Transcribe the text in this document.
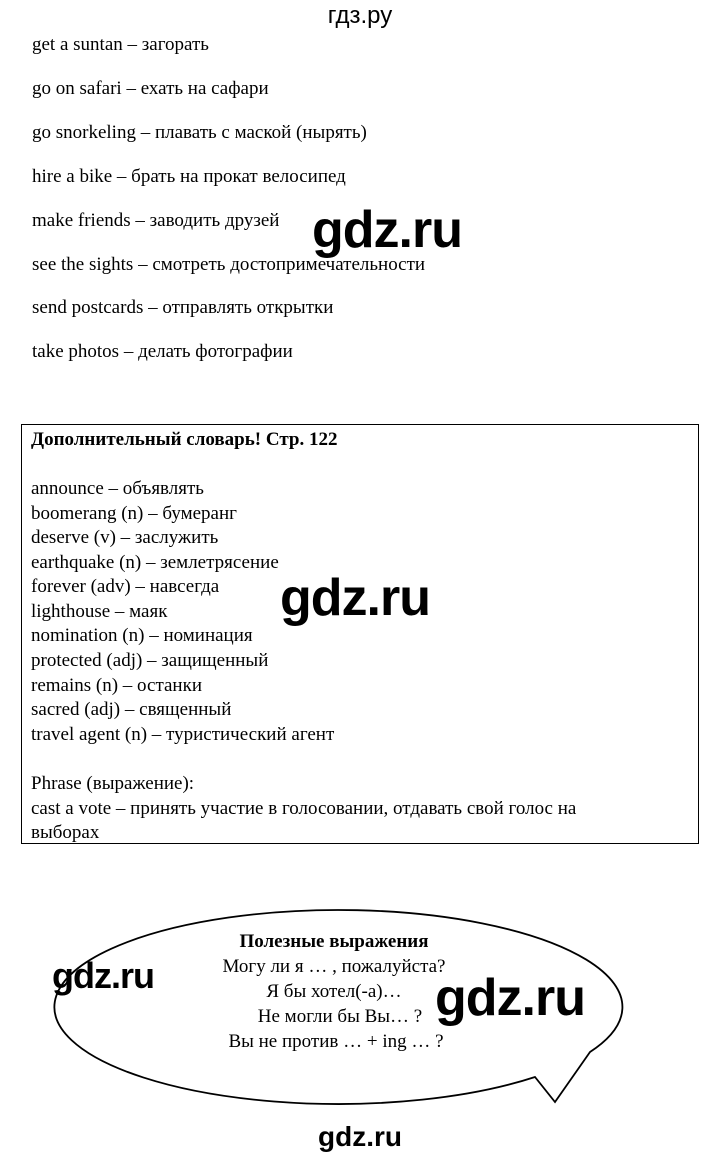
гдз.ру
get a suntan – загорать
go on safari – ехать на сафари
go snorkeling – плавать с маской (нырять)
hire a bike – брать на прокат велосипед
make friends – заводить друзей
see the sights – смотреть достопримечательности
send postcards – отправлять открытки
take photos – делать фотографии
gdz.ru
Дополнительный словарь! Стр. 122
announce – объявлять
boomerang (n) – бумеранг
deserve (v) – заслужить
earthquake (n) – землетрясение
forever (adv) – навсегда
lighthouse – маяк
nomination (n) – номинация
protected (adj) – защищенный
remains (n) – останки
sacred (adj) – священный
travel agent (n) – туристический агент
Phrase (выражение):
cast a vote – принять участие в голосовании, отдавать свой голос на
выборах
gdz.ru
Полезные выражения
Могу ли я … , пожалуйста?
Я бы хотел(-а)…
Не могли бы Вы… ?
Вы не против … + ing … ?
gdz.ru	gdz.ru
gdz.ru
